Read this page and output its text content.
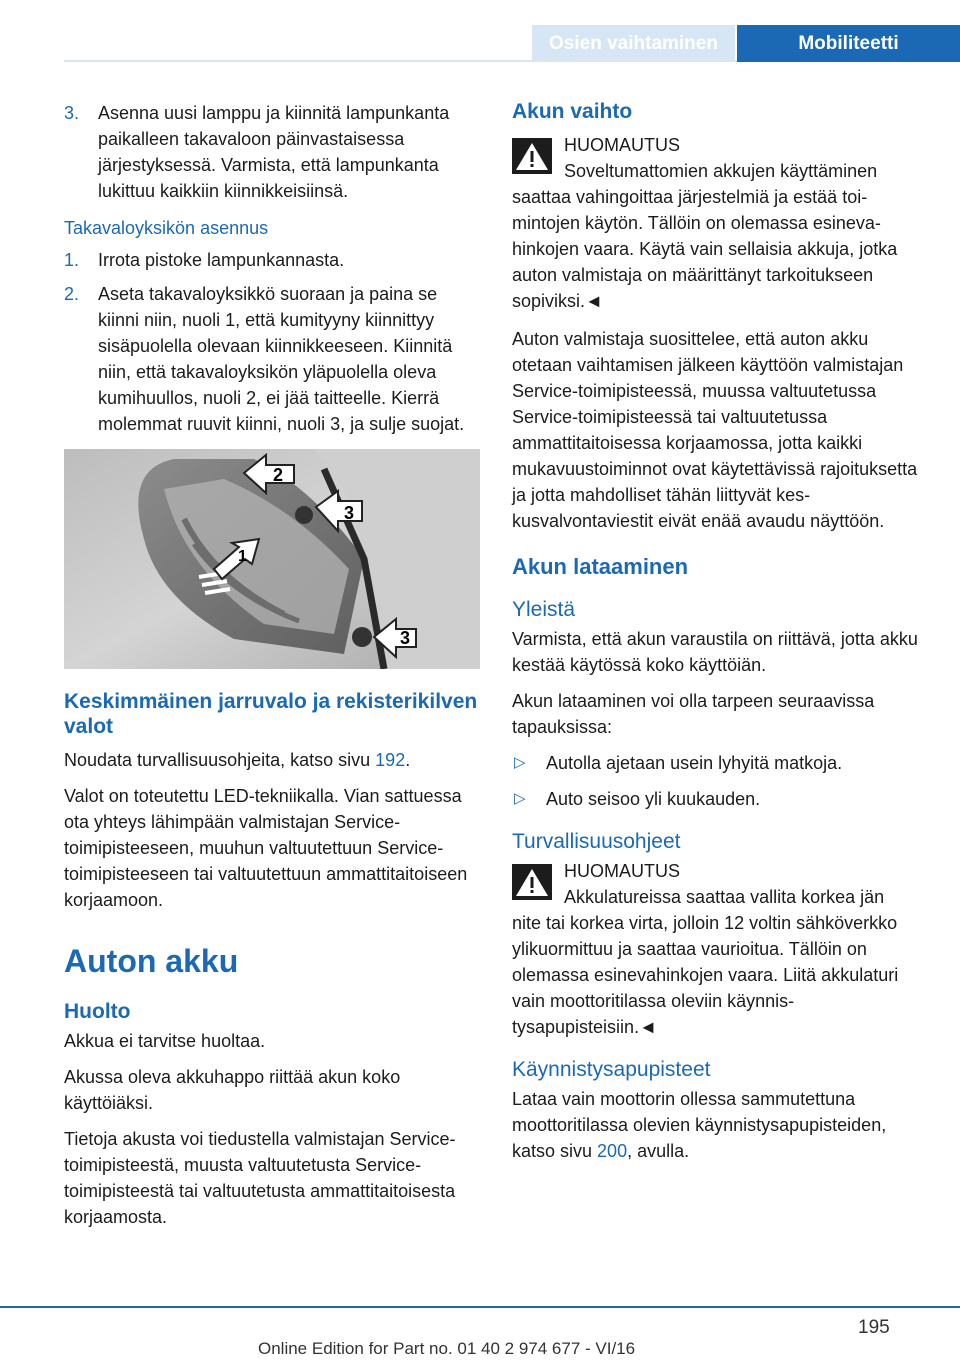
Osien vaihtaminen	Mobiliteetti
3. Asenna uusi lamppu ja kiinnitä lampunkanta paikalleen takavaloon päinvastaisessa järjestyksessä. Varmista, että lampunkanta lukittuu kaikkiin kiinnikkeisiinsä.
Takavaloyksikön asennus
1. Irrota pistoke lampunkannasta.
2. Aseta takavaloyksikkö suoraan ja paina se kiinni niin, nuoli 1, että kumityyny kiinnittyy sisäpuolella olevaan kiinnikkeeseen. Kiinnitä niin, että takavaloyksikön yläpuolella oleva kumihuullos, nuoli 2, ei jää taitteelle. Kierrä molemmat ruuvit kiinni, nuoli 3, ja sulje suojat.
1
2
3
3
Keskimmäinen jarruvalo ja rekisterikilven valot

Noudata turvallisuusohjeita, katso sivu 192.

Valot on toteutettu LED-tekniikalla. Vian sattuessa ota yhteys lähimpään valmistajan Service-toimipisteeseen, muuhun valtuutettuun Service-toimipisteeseen tai valtuutettuun ammattitaitoiseen korjaamoon.

Auton akku
Huolto

Akkua ei tarvitse huoltaa.

Akussa oleva akkuhappo riittää akun koko käyttöiäksi.

Tietoja akusta voi tiedustella valmistajan Service-toimipisteestä, muusta valtuutetusta Service-toimipisteestä tai valtuutetusta ammattitaitoisesta korjaamosta.

Akun vaihto
HUOMAUTUS
Soveltumattomien akkujen käyttäminen
saattaa vahingoittaa järjestelmiä ja estää toimintojen käytön. Tällöin on olemassa esinevahinkojen vaara. Käytä vain sellaisia akkuja, jotka auton valmistaja on määrittänyt tarkoitukseen sopiviksi.◄

Auton valmistaja suosittelee, että auton akku otetaan vaihtamisen jälkeen käyttöön valmistajan Service-toimipisteessä, muussa valtuutetussa Service-toimipisteessä tai valtuutetussa ammattitaitoisessa korjaamossa, jotta kaikki mukavuustoiminnot ovat käytettävissä rajoituksetta ja jotta mahdolliset tähän liittyvät keskusvalvontaviestit eivät enää avaudu näyttöön.

Akun lataaminen
Yleistä

Varmista, että akun varaustila on riittävä, jotta akku kestää käytössä koko käyttöiän.

Akun lataaminen voi olla tarpeen seuraavissa tapauksissa:

▷ Autolla ajetaan usein lyhyitä matkoja.
▷ Auto seisoo yli kuukauden.
Turvallisuusohjeet
HUOMAUTUS
Akkulatureissa saattaa vallita korkea jän
nite tai korkea virta, jolloin 12 voltin sähköverkko ylikuormittuu ja saattaa vaurioitua. Tällöin on olemassa esinevahinkojen vaara. Liitä akkulaturi vain moottoritilassa oleviin käynnistysapupisteisiin.◄
Käynnistysapupisteet

Lataa vain moottorin ollessa sammutettuna moottoritilassa olevien käynnistysapupisteiden, katso sivu 200, avulla.

195
Online Edition for Part no. 01 40 2 974 677 - VI/16
